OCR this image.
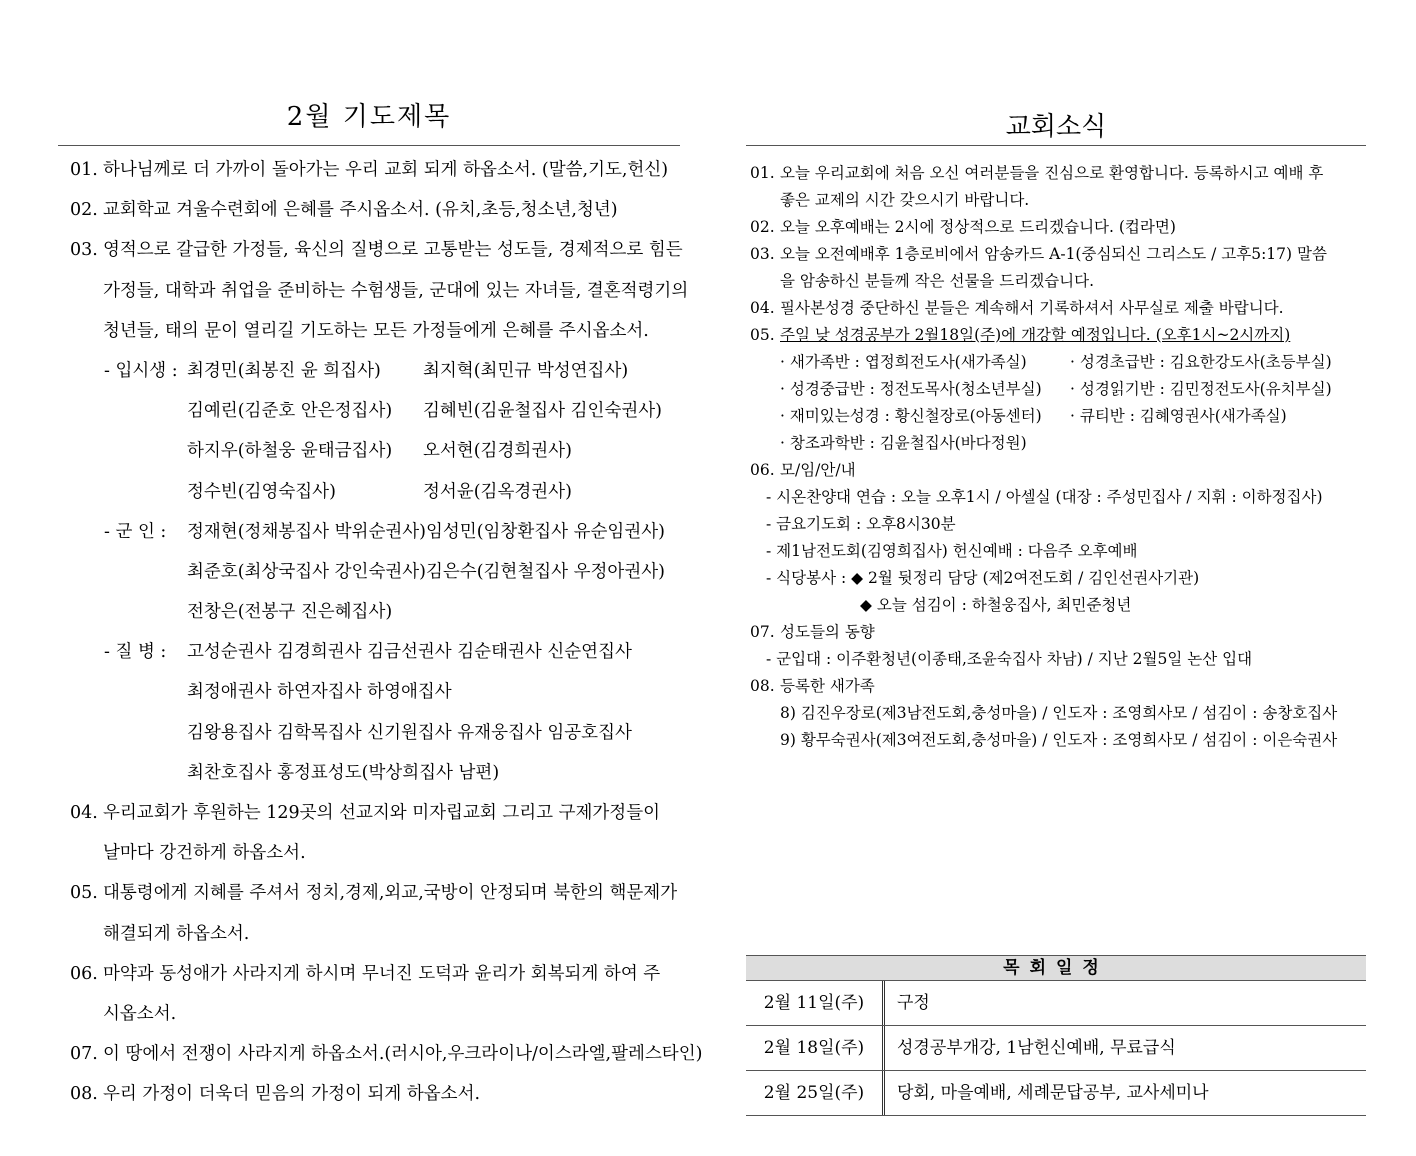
2월 기도제목
01. 하나님께로 더 가까이 돌아가는 우리 교회 되게 하옵소서. (말씀,기도,헌신)
02. 교회학교 겨울수련회에 은혜를 주시옵소서. (유치,초등,청소년,청년)
03. 영적으로 갈급한 가정들, 육신의 질병으로 고통받는 성도들, 경제적으로 힘든
가정들, 대학과 취업을 준비하는 수험생들, 군대에 있는 자녀들, 결혼적령기의
청년들, 태의 문이 열리길 기도하는 모든 가정들에게 은혜를 주시옵소서.
- 입시생 : 최경민(최봉진 윤 희집사) 최지혁(최민규 박성연집사)
김예린(김준호 안은정집사) 김혜빈(김윤철집사 김인숙권사)
하지우(하철웅 윤태금집사) 오서현(김경희권사)
정수빈(김영숙집사)	정서윤(김옥경권사)
- 군 인 : 정재현(정채봉집사 박위순권사)임성민(임창환집사 유순임권사)
최준호(최상국집사 강인숙권사)김은수(김현철집사 우정아권사)
전창은(전봉구 진은혜집사)
- 질 병 : 고성순권사 김경희권사 김금선권사 김순태권사 신순연집사
최정애권사 하연자집사 하영애집사
김왕용집사 김학목집사 신기원집사 유재웅집사 임공호집사
최찬호집사 홍정표성도(박상희집사 남편)
04. 우리교회가 후원하는 129곳의 선교지와 미자립교회 그리고 구제가정들이
날마다 강건하게 하옵소서.
05. 대통령에게 지혜를 주셔서 정치,경제,외교,국방이 안정되며 북한의 핵문제가
해결되게 하옵소서.
06. 마약과 동성애가 사라지게 하시며 무너진 도덕과 윤리가 회복되게 하여 주
시옵소서.
07. 이 땅에서 전쟁이 사라지게 하옵소서.(러시아,우크라이나/이스라엘,팔레스타인)
08. 우리 가정이 더욱더 믿음의 가정이 되게 하옵소서.
교회소식
01. 오늘 우리교회에 처음 오신 여러분들을 진심으로 환영합니다. 등록하시고 예배 후
좋은 교제의 시간 갖으시기 바랍니다.
02. 오늘 오후예배는 2시에 정상적으로 드리겠습니다. (컵라면)
03. 오늘 오전예배후 1층로비에서 암송카드 A-1(중심되신 그리스도 / 고후5:17) 말씀
을 암송하신 분들께 작은 선물을 드리겠습니다.
04. 필사본성경 중단하신 분들은 계속해서 기록하셔서 사무실로 제출 바랍니다.
05. 주일 낮 성경공부가 2월18일(주)에 개강할 예정입니다. (오후1시~2시까지)
· 새가족반 : 엽정희전도사(새가족실)	· 성경초급반 : 김요한강도사(초등부실)
· 성경중급반 : 정전도목사(청소년부실) · 성경읽기반 : 김민정전도사(유치부실)
· 재미있는성경 : 황신철장로(아동센터) · 큐티반 : 김혜영권사(새가족실)
· 창조과학반 : 김윤철집사(바다정원)
06. 모/임/안/내
- 시온찬양대 연습 : 오늘 오후1시 / 아셀실 (대장 : 주성민집사 / 지휘 : 이하정집사)
- 금요기도회 : 오후8시30분
- 제1남전도회(김영희집사) 헌신예배 : 다음주 오후예배
- 식당봉사 : ◆ 2월 뒷정리 담당 (제2여전도회 / 김인선권사기관)
◆ 오늘 섬김이 : 하철웅집사, 최민준청년
07. 성도들의 동향
- 군입대 : 이주환청년(이종태,조윤숙집사 차남) / 지난 2월5일 논산 입대
08. 등록한 새가족
8) 김진우장로(제3남전도회,충성마을) / 인도자 : 조영희사모 / 섬김이 : 송창호집사
9) 황무숙권사(제3여전도회,충성마을) / 인도자 : 조영희사모 / 섬김이 : 이은숙권사
목회일정
2월 11일(주)	구정
2월 18일(주)	성경공부개강, 1남헌신예배, 무료급식
2월 25일(주)	당회, 마을예배, 세례문답공부, 교사세미나
